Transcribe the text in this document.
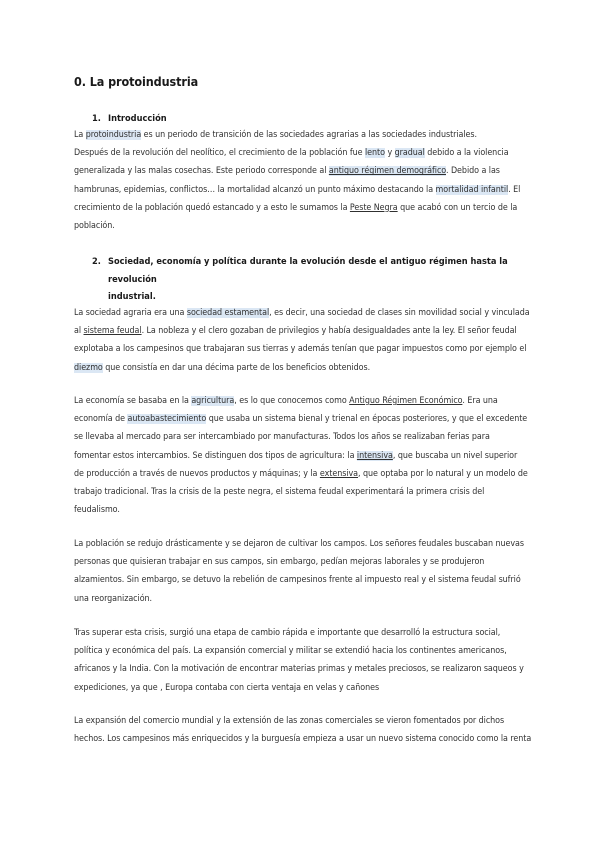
0. La protoindustria
1. Introducción
La protoindustria es un periodo de transición de las sociedades agrarias a las sociedades industriales.
Después de la revolución del neolítico, el crecimiento de la población fue lento y gradual debido a la violencia
generalizada y las malas cosechas. Este periodo corresponde al antiguo régimen demográfico. Debido a las
hambrunas, epidemias, conflictos… la mortalidad alcanzó un punto máximo destacando la mortalidad infantil. El
crecimiento de la población quedó estancado y a esto le sumamos la Peste Negra que acabó con un tercio de la
población.
2. Sociedad, economía y política durante la evolución desde el antiguo régimen hasta la revolución
industrial.
La sociedad agraria era una sociedad estamental, es decir, una sociedad de clases sin movilidad social y vinculada
al sistema feudal. La nobleza y el clero gozaban de privilegios y había desigualdades ante la ley. El señor feudal
explotaba a los campesinos que trabajaran sus tierras y además tenían que pagar impuestos como por ejemplo el
diezmo que consistía en dar una décima parte de los beneficios obtenidos.
La economía se basaba en la agricultura, es lo que conocemos como Antiguo Régimen Económico. Era una
economía de autoabastecimiento que usaba un sistema bienal y trienal en épocas posteriores, y que el excedente
se llevaba al mercado para ser intercambiado por manufacturas. Todos los años se realizaban ferias para
fomentar estos intercambios. Se distinguen dos tipos de agricultura: la intensiva, que buscaba un nivel superior
de producción a través de nuevos productos y máquinas; y la extensiva, que optaba por lo natural y un modelo de
trabajo tradicional. Tras la crisis de la peste negra, el sistema feudal experimentará la primera crisis del
feudalismo.
La población se redujo drásticamente y se dejaron de cultivar los campos. Los señores feudales buscaban nuevas
personas que quisieran trabajar en sus campos, sin embargo, pedían mejoras laborales y se produjeron
alzamientos. Sin embargo, se detuvo la rebelión de campesinos frente al impuesto real y el sistema feudal sufrió
una reorganización.
Tras superar esta crisis, surgió una etapa de cambio rápida e importante que desarrolló la estructura social,
política y económica del país. La expansión comercial y militar se extendió hacia los continentes americanos,
africanos y la India. Con la motivación de encontrar materias primas y metales preciosos, se realizaron saqueos y
expediciones, ya que , Europa contaba con cierta ventaja en velas y cañones
La expansión del comercio mundial y la extensión de las zonas comerciales se vieron fomentados por dichos
hechos. Los campesinos más enriquecidos y la burguesía empieza a usar un nuevo sistema conocido como la renta
